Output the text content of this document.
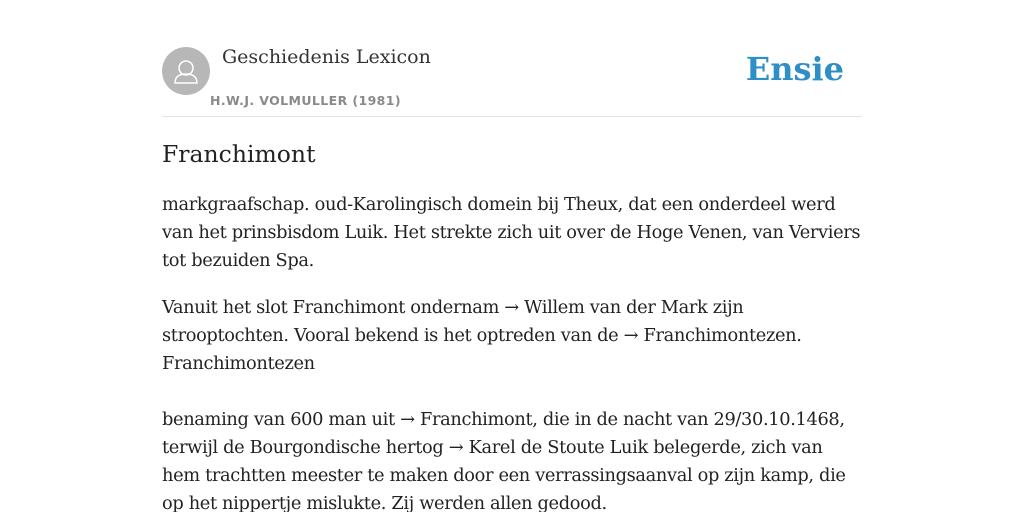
Geschiedenis Lexicon
H.W.J. VOLMULLER (1981)
Ensie
Franchimont

markgraafschap. oud-Karolingisch domein bij Theux, dat een onderdeel werd van het prinsbisdom Luik. Het strekte zich uit over de Hoge Venen, van Verviers tot bezuiden Spa.

Vanuit het slot Franchimont ondernam → Willem van der Mark zijn strooptochten. Vooral bekend is het optreden van de → Franchimontezen.
Franchimontezen

benaming van 600 man uit → Franchimont, die in de nacht van 29/30.10.1468, terwijl de Bourgondische hertog → Karel de Stoute Luik belegerde, zich van hem trachtten meester te maken door een verrassingsaanval op zijn kamp, die op het nippertje mislukte. Zij werden allen gedood.
